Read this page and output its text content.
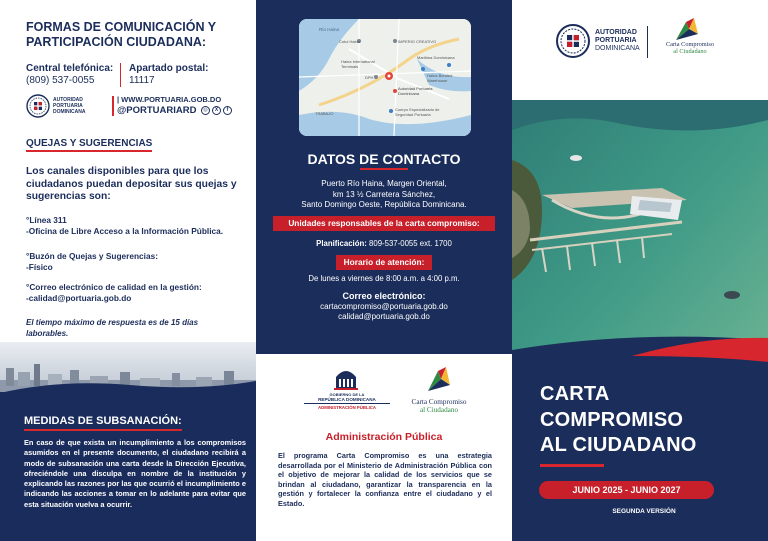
FORMAS DE COMUNICACIÓN Y
PARTICIPACIÓN CIUDADANA:
Central telefónica:
(809) 537-0055
Apartado postal:
11117
AUTORIDAD
PORTUARIA
DOMINICANA
| WWW.PORTUARIA.GOB.DO
@PORTUARIARD	◎	X	f
QUEJAS Y SUGERENCIAS
Los canales disponibles para que los ciudadanos puedan depositar sus quejas y sugerencias son:
°Línea 311
-Oficina de Libre Acceso a la Información Pública.
°Buzón de Quejas y Sugerencias:
-Físico
°Correo electrónico de calidad en la gestión:
-calidad@portuaria.gob.do
El tiempo máximo de respuesta es de 15 días laborables.
MEDIDAS DE SUBSANACIÓN:
En caso de que exista un incumplimiento a los compromisos asumidos en el presente documento, el ciudadano recibirá a modo de subsanación una carta desde la Dirección Ejecutiva, ofreciéndole una disculpa en nombre de la institución y explicando las razones por las que ocurrió el incumplimiento e indicando las acciones a tomar en lo adelante para evitar que esta situación vuelva a ocurrir.
Río Haina
Cotui Haina	IMPERIO CREATIVO
Maritima Dominicana
Haina International Terminals
Haina Bonded Warehouse
DPH
Autoridad Portuaria Dominicana
TRABAJO
Cuerpo Especializado de Seguridad Portuaria
DATOS DE CONTACTO
Puerto Río Haina, Margen Oriental,
km 13 ½ Carretera Sánchez,
Santo Domingo Oeste, República Dominicana.
Unidades responsables de la carta compromiso:
Planificación: 809-537-0055 ext. 1700
Horario de atención:
De lunes a viernes de 8:00 a.m. a 4:00 p.m.
Correo electrónico:
cartacompromiso@portuaria.gob.do
calidad@portuaria.gob.do
GOBIERNO DE LA
REPÚBLICA DOMINICANA
ADMINISTRACIÓN PÚBLICA
Carta Compromiso
al Ciudadano
Administración Pública
El programa Carta Compromiso es una estrategia desarrollada por el Ministerio de Administración Pública con el objetivo de mejorar la calidad de los servicios que se brindan al ciudadano, garantizar la transparencia en la gestión y fortalecer la confianza entre el ciudadano y el Estado.
AUTORIDAD
PORTUARIA
DOMINICANA
Carta Compromiso
al Ciudadano
CARTA
COMPROMISO
AL CIUDADANO
JUNIO 2025 - JUNIO 2027
SEGUNDA VERSIÓN
